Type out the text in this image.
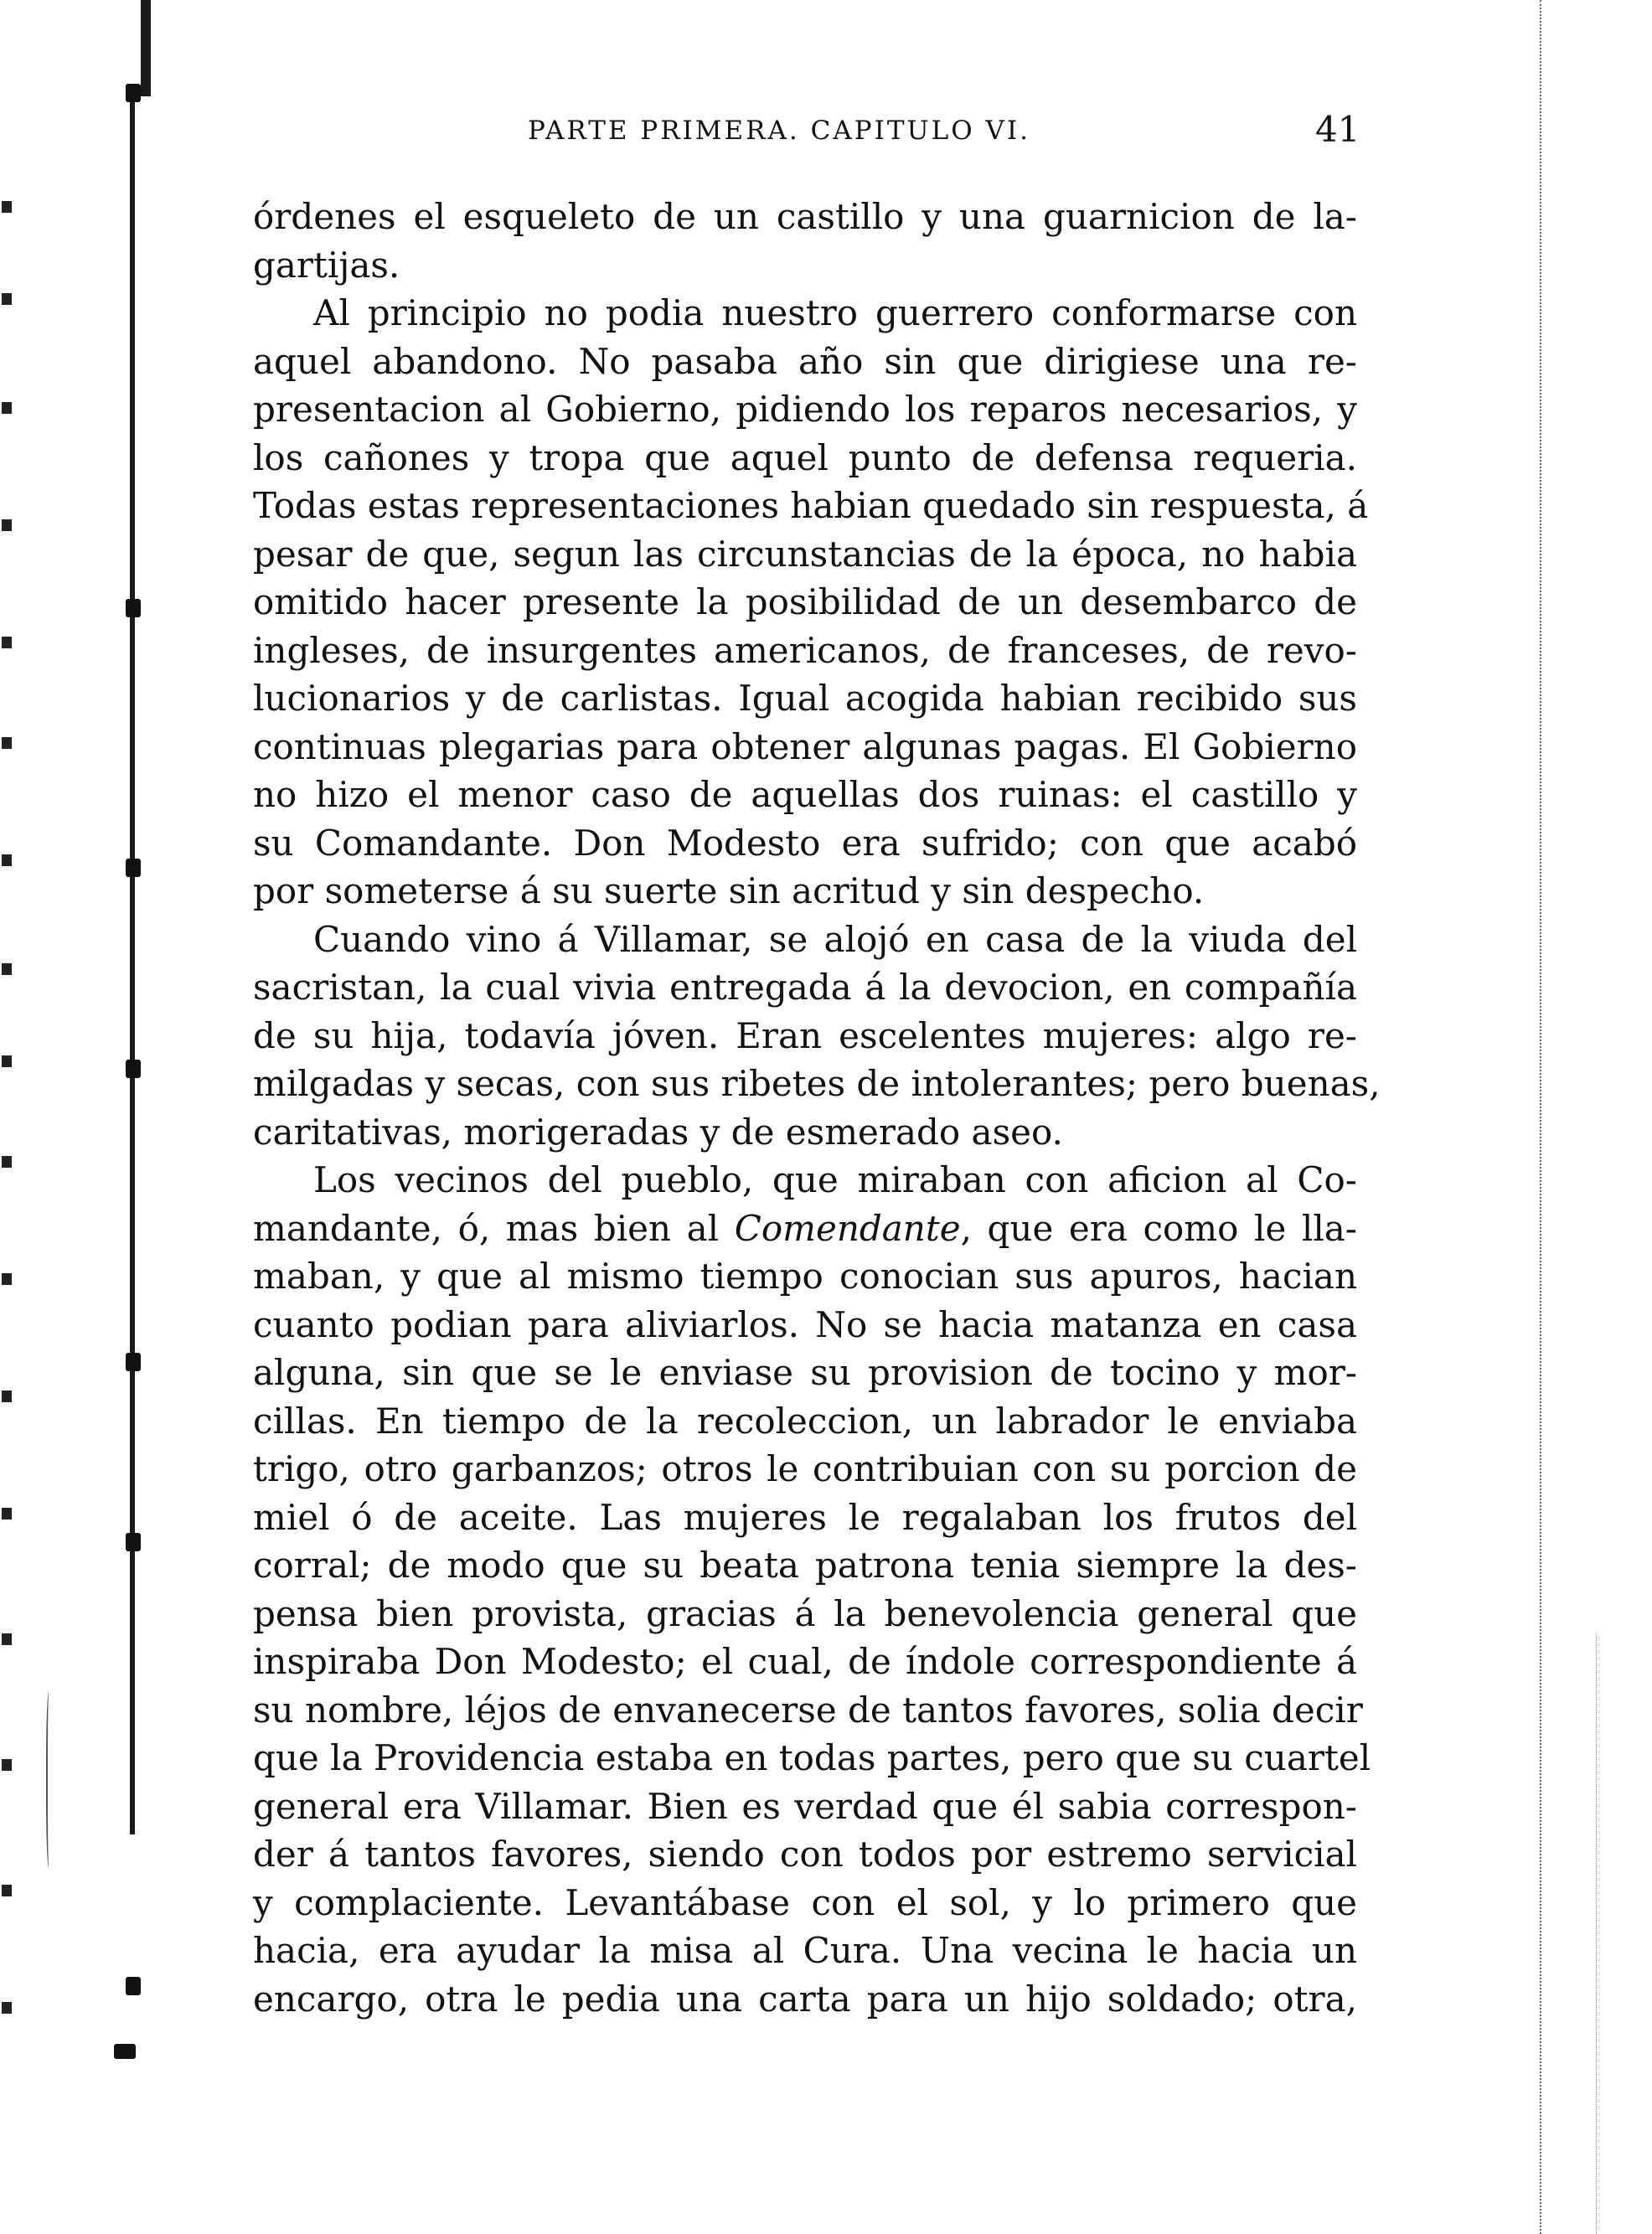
PARTE PRIMERA. CAPITULO VI.	41
órdenes el esqueleto de un castillo y una guarnicion de la-
gartijas.
Al principio no podia nuestro guerrero conformarse con
aquel abandono. No pasaba año sin que dirigiese una re-
presentacion al Gobierno, pidiendo los reparos necesarios, y
los cañones y tropa que aquel punto de defensa requeria.
Todas estas representaciones habian quedado sin respuesta, á
pesar de que, segun las circunstancias de la época, no habia
omitido hacer presente la posibilidad de un desembarco de
ingleses, de insurgentes americanos, de franceses, de revo-
lucionarios y de carlistas. Igual acogida habian recibido sus
continuas plegarias para obtener algunas pagas. El Gobierno
no hizo el menor caso de aquellas dos ruinas: el castillo y
su Comandante. Don Modesto era sufrido; con que acabó
por someterse á su suerte sin acritud y sin despecho.
Cuando vino á Villamar, se alojó en casa de la viuda del
sacristan, la cual vivia entregada á la devocion, en compañía
de su hija, todavía jóven. Eran escelentes mujeres: algo re-
milgadas y secas, con sus ribetes de intolerantes; pero buenas,
caritativas, morigeradas y de esmerado aseo.
Los vecinos del pueblo, que miraban con aficion al Co-
mandante, ó, mas bien al Comendante, que era como le lla-
maban, y que al mismo tiempo conocian sus apuros, hacian
cuanto podian para aliviarlos. No se hacia matanza en casa
alguna, sin que se le enviase su provision de tocino y mor-
cillas. En tiempo de la recoleccion, un labrador le enviaba
trigo, otro garbanzos; otros le contribuian con su porcion de
miel ó de aceite. Las mujeres le regalaban los frutos del
corral; de modo que su beata patrona tenia siempre la des-
pensa bien provista, gracias á la benevolencia general que
inspiraba Don Modesto; el cual, de índole correspondiente á
su nombre, léjos de envanecerse de tantos favores, solia decir
que la Providencia estaba en todas partes, pero que su cuartel
general era Villamar. Bien es verdad que él sabia correspon-
der á tantos favores, siendo con todos por estremo servicial
y complaciente. Levantábase con el sol, y lo primero que
hacia, era ayudar la misa al Cura. Una vecina le hacia un
encargo, otra le pedia una carta para un hijo soldado; otra,
